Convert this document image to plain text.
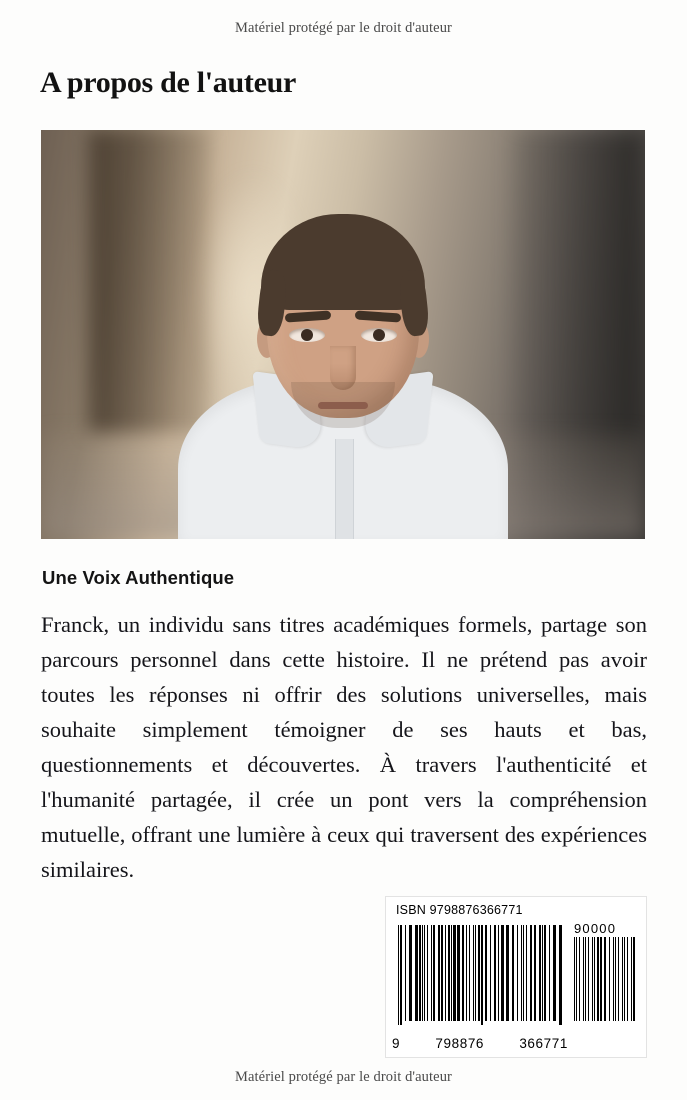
Matériel protégé par le droit d'auteur
A propos de l'auteur
Une Voix Authentique

Franck, un individu sans titres académiques formels, partage son parcours personnel dans cette histoire. Il ne prétend pas avoir toutes les réponses ni offrir des solutions universelles, mais souhaite simplement témoigner de ses hauts et bas, questionnements et découvertes. À travers l'authenticité et l'humanité partagée, il crée un pont vers la compréhension mutuelle, offrant une lumière à ceux qui traversent des expériences similaires.

ISBN 9798876366771
90000
9	798876	366771
Matériel protégé par le droit d'auteur
